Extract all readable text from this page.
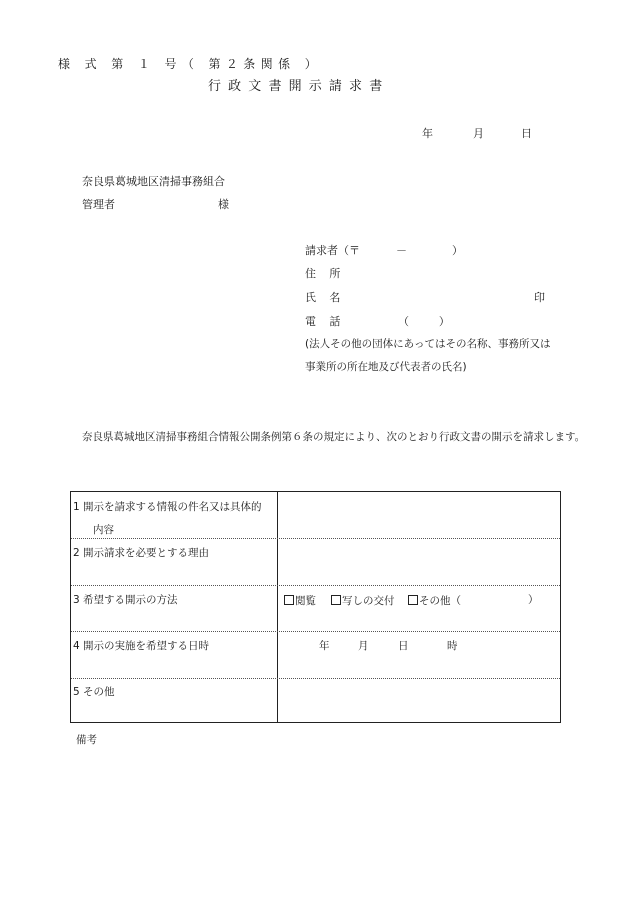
様 式 第 １ 号（ 第２条関係 ）
行政文書開示請求書
年	月	日
奈良県葛城地区清掃事務組合
管理者	様
請求者（〒	－	）
住 所
氏 名	印
電 話	（ ）
(法人その他の団体にあってはその名称、事務所又は
事業所の所在地及び代表者の氏名)
奈良県葛城地区清掃事務組合情報公開条例第６条の規定により、次のとおり行政文書の開示を請求します。
1 開示を請求する情報の件名又は具体的
内容
2 開示請求を必要とする理由
3 希望する開示の方法	閲覧	写しの交付	その他（	）
4 開示の実施を希望する日時	年	月	日	時
5 その他
備考
